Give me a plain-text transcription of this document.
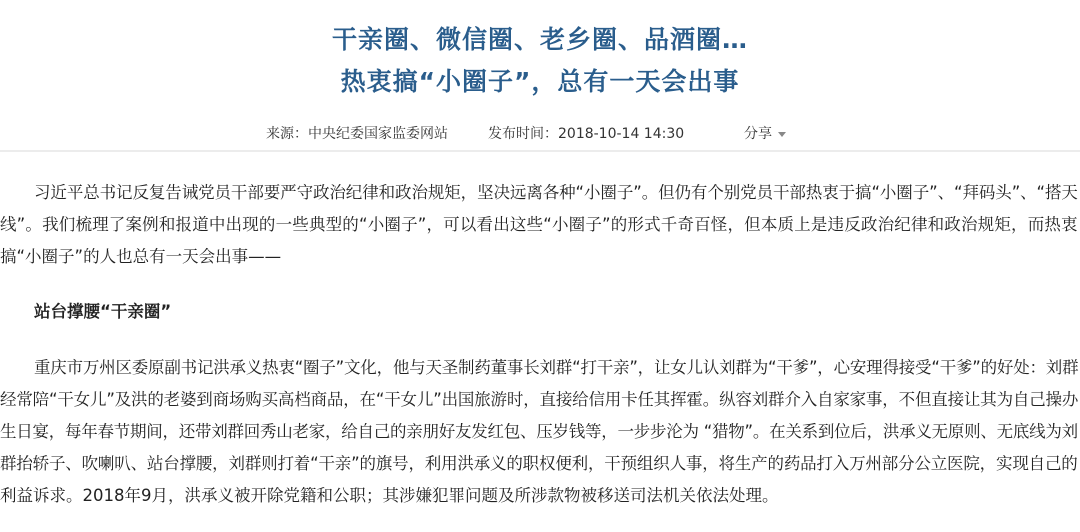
干亲圈、微信圈、老乡圈、品酒圈…
热衷搞“小圈子”，总有一天会出事
来源：中央纪委国家监委网站	发布时间：2018-10-14 14:30	分享
习近平总书记反复告诫党员干部要严守政治纪律和政治规矩，坚决远离各种“小圈子”。但仍有个别党员干部热衷于搞“小圈子”、“拜码头”、“搭天
线”。我们梳理了案例和报道中出现的一些典型的“小圈子”，可以看出这些“小圈子”的形式千奇百怪，但本质上是违反政治纪律和政治规矩，而热衷
搞“小圈子”的人也总有一天会出事——
站台撑腰“干亲圈”
重庆市万州区委原副书记洪承义热衷“圈子”文化，他与天圣制药董事长刘群“打干亲”，让女儿认刘群为“干爹”，心安理得接受“干爹”的好处：刘群
经常陪“干女儿”及洪的老婆到商场购买高档商品，在“干女儿”出国旅游时，直接给信用卡任其挥霍。纵容刘群介入自家家事，不但直接让其为自己操办
生日宴，每年春节期间，还带刘群回秀山老家，给自己的亲朋好友发红包、压岁钱等，一步步沦为 “猎物”。在关系到位后，洪承义无原则、无底线为刘
群抬轿子、吹喇叭、站台撑腰，刘群则打着“干亲”的旗号，利用洪承义的职权便利，干预组织人事，将生产的药品打入万州部分公立医院，实现自己的
利益诉求。2018年9月，洪承义被开除党籍和公职；其涉嫌犯罪问题及所涉款物被移送司法机关依法处理。
